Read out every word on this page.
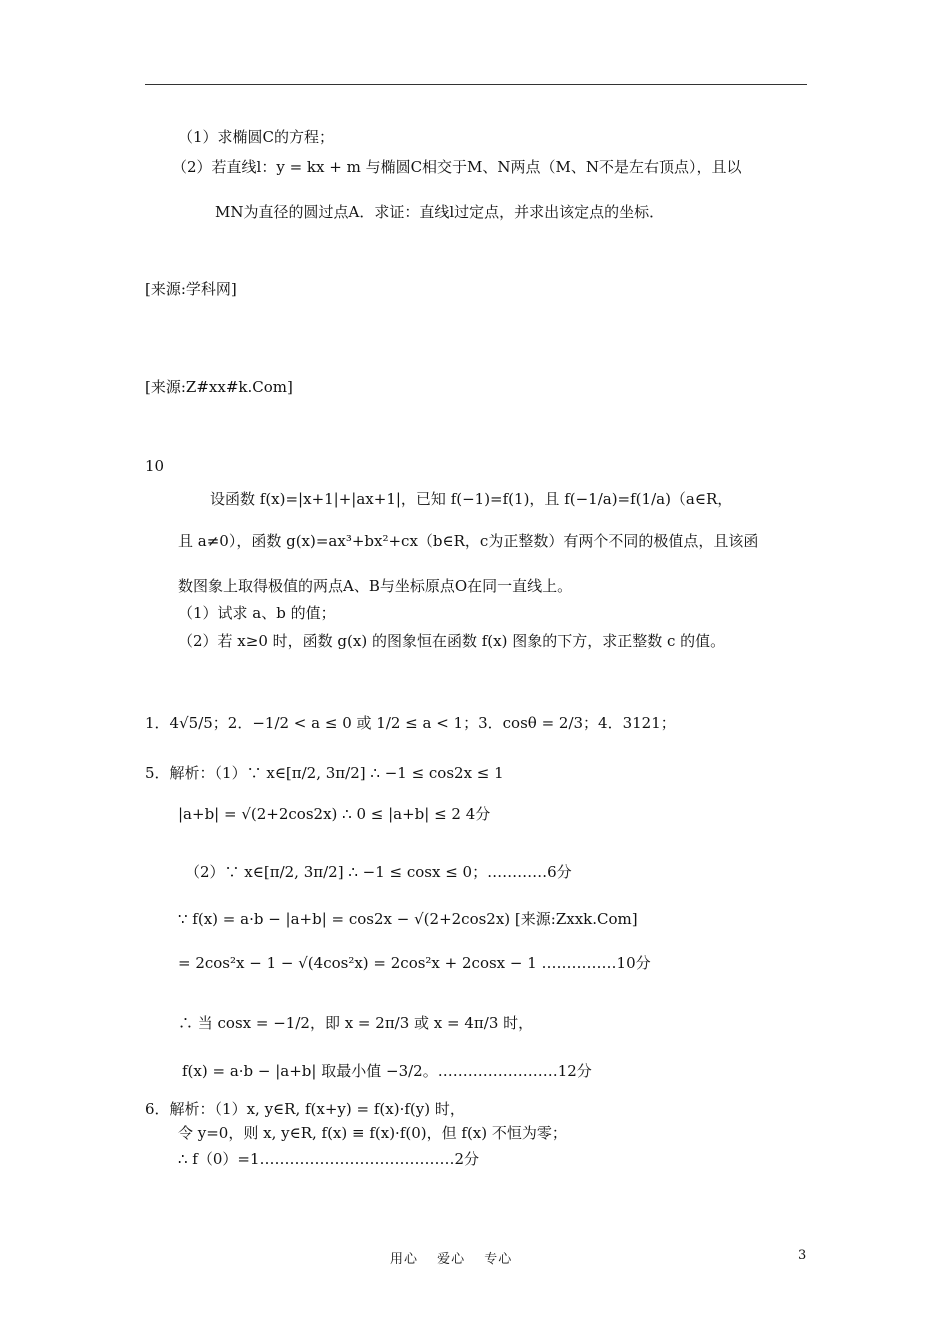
（1）求椭圆C的方程；
（2）若直线l：y = kx + m 与椭圆C相交于M、N两点（M、N不是左右顶点），且以
MN为直径的圆过点A．求证：直线l过定点，并求出该定点的坐标．
[来源:学科网]
[来源:Z#xx#k.Com]
10
设函数 f(x)=|x+1|+|ax+1|，已知 f(−1)=f(1)，且 f(−1/a)=f(1/a)（a∈R，
且 a≠0），函数 g(x)=ax³+bx²+cx（b∈R，c为正整数）有两个不同的极值点，且该函
数图象上取得极值的两点A、B与坐标原点O在同一直线上。
（1）试求 a、b 的值；
（2）若 x≥0 时，函数 g(x) 的图象恒在函数 f(x) 图象的下方，求正整数 c 的值。
1．4√5/5；2．−1/2 < a ≤ 0 或 1/2 ≤ a < 1；3．cosθ = 2/3；4．3121；
5．解析：（1）∵ x∈[π/2, 3π/2] ∴ −1 ≤ cos2x ≤ 1
|a+b| = √(2+2cos2x) ∴ 0 ≤ |a+b| ≤ 2 4分
（2）∵ x∈[π/2, 3π/2] ∴ −1 ≤ cosx ≤ 0；…………6分
∵ f(x) = a·b − |a+b| = cos2x − √(2+2cos2x) [来源:Zxxk.Com]
= 2cos²x − 1 − √(4cos²x) = 2cos²x + 2cosx − 1 ……………10分
∴ 当 cosx = −1/2，即 x = 2π/3 或 x = 4π/3 时，
f(x) = a·b − |a+b| 取最小值 −3/2。……………………12分
6．解析：（1）x, y∈R, f(x+y) = f(x)·f(y) 时，
令 y=0，则 x, y∈R, f(x) ≡ f(x)·f(0)，但 f(x) 不恒为零；
∴ f（0）=1…………………………………2分
用心 爱心 专心	3
